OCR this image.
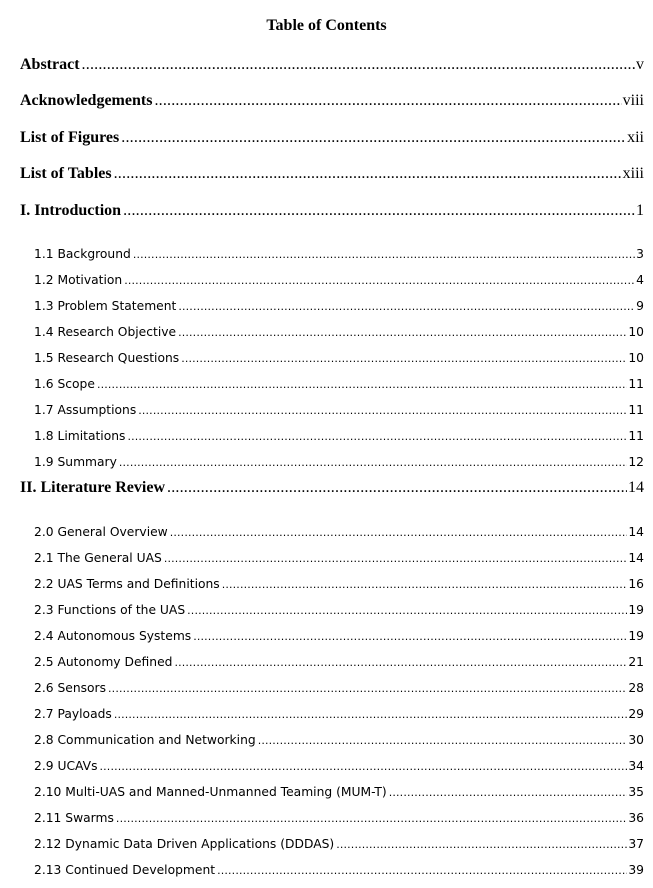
Table of Contents
Abstract .....	v
Acknowledgements .....	viii
List of Figures .....	xii
List of Tables .....	xiii
I. Introduction .....	1
1.1 Background .....	3
1.2 Motivation .....	4
1.3 Problem Statement .....	9
1.4 Research Objective .....	10
1.5 Research Questions .....	10
1.6 Scope .....	11
1.7 Assumptions .....	11
1.8 Limitations .....	11
1.9 Summary .....	12
II. Literature Review .....	14
2.0 General Overview .....	14
2.1 The General UAS .....	14
2.2 UAS Terms and Definitions .....	16
2.3 Functions of the UAS .....	19
2.4 Autonomous Systems .....	19
2.5 Autonomy Defined .....	21
2.6 Sensors .....	28
2.7 Payloads .....	29
2.8 Communication and Networking .....	30
2.9 UCAVs .....	34
2.10 Multi-UAS and Manned-Unmanned Teaming (MUM-T) .....	35
2.11 Swarms .....	36
2.12 Dynamic Data Driven Applications (DDDAS) .....	37
2.13 Continued Development .....	39
